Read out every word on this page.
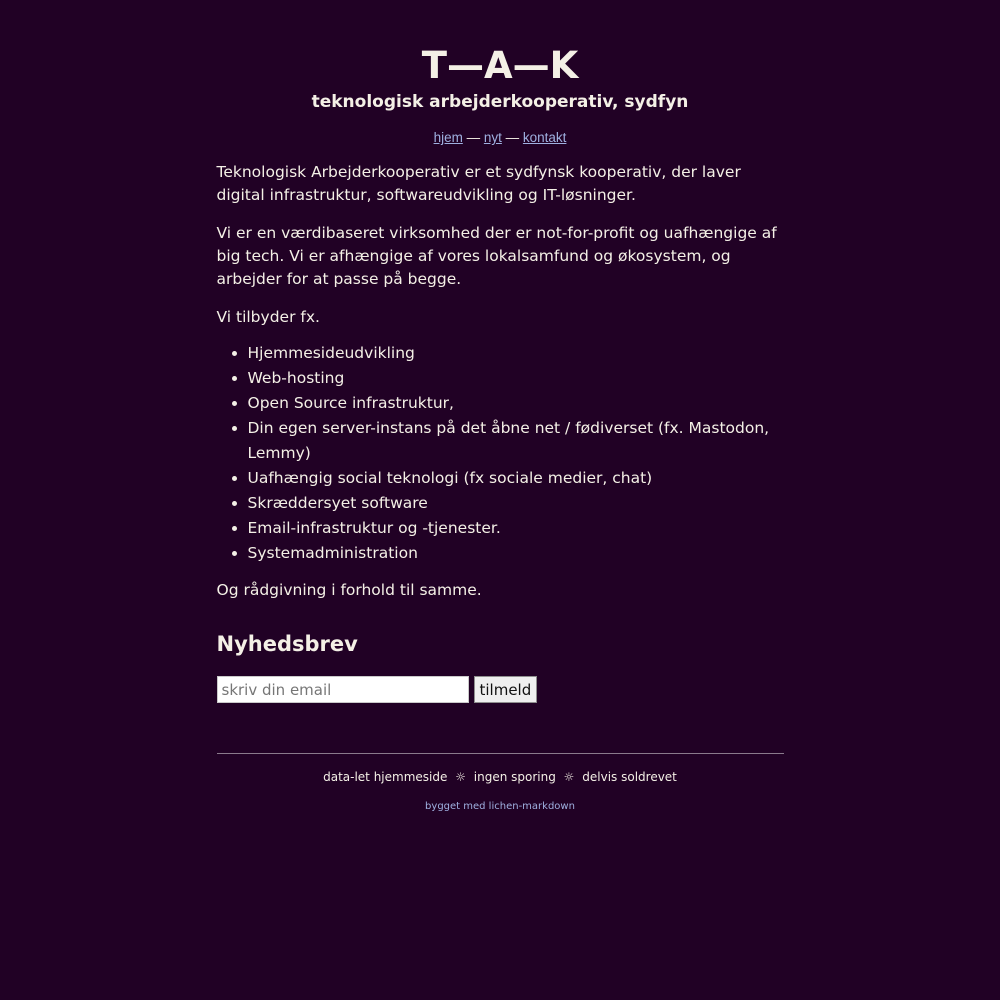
T—A—K
teknologisk arbejderkooperativ, sydfyn
hjem — nyt — kontakt

Teknologisk Arbejderkooperativ er et sydfynsk kooperativ, der laver digital infrastruktur, softwareudvikling og IT-løsninger.

Vi er en værdibaseret virksomhed der er not-for-profit og uafhængige af big tech. Vi er afhængige af vores lokalsamfund og økosystem, og arbejder for at passe på begge.

Vi tilbyder fx.

• Hjemmesideudvikling
• Web-hosting
• Open Source infrastruktur,
• Din egen server-instans på det åbne net / fødiverset (fx. Mastodon, Lemmy)
• Uafhængig social teknologi (fx sociale medier, chat)
• Skræddersyet software
• Email-infrastruktur og -tjenester.
• Systemadministration

Og rådgivning i forhold til samme.

Nyhedsbrev
skriv din email
tilmeld
data-let hjemmeside ☼ ingen sporing ☼ delvis soldrevet
bygget med lichen-markdown
